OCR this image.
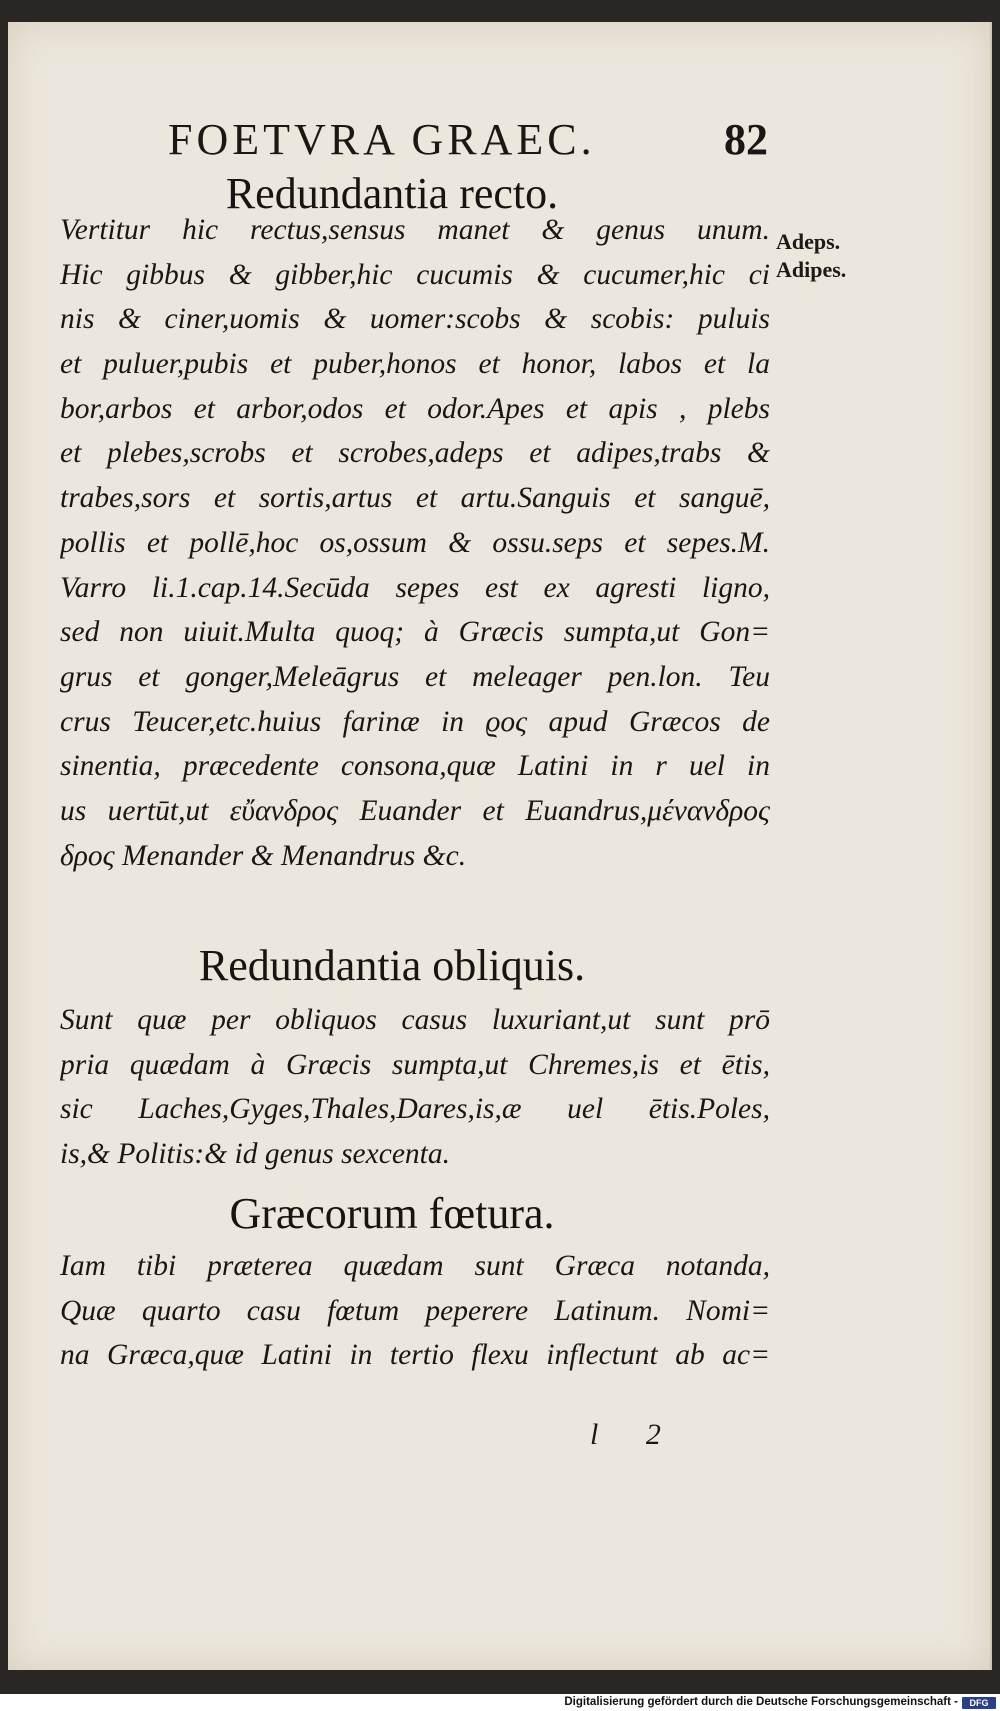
FOETVRA GRAEC.	82
Redundantia recto.
Vertitur hic rectus,sensus manet & genus unum.
Hic gibbus & gibber,hic cucumis & cucumer,hic ci
nis & ciner,uomis & uomer:scobs & scobis: puluis
et puluer,pubis et puber,honos et honor, labos et la
bor,arbos et arbor,odos et odor.Apes et apis , plebs
et plebes,scrobs et scrobes,adeps et adipes,trabs &
trabes,sors et sortis,artus et artu.Sanguis et sanguē,
pollis et pollē,hoc os,ossum & ossu.seps et sepes.M.
Varro li.1.cap.14.Secūda sepes est ex agresti ligno,
sed non uiuit.Multa quoq; à Græcis sumpta,ut Gon=
grus et gonger,Meleāgrus et meleager pen.lon. Teu
crus Teucer,etc.huius farinæ in ϱος apud Græcos de
sinentia, præcedente consona,quæ Latini in r uel in
us uertūt,ut εὔανδρος Euander et Euandrus,μένανδρος
δρος Menander & Menandrus &c.
Adeps.
Adipes.
Redundantia obliquis.
Sunt quæ per obliquos casus luxuriant,ut sunt prō
pria quædam à Græcis sumpta,ut Chremes,is et ētis,
sic Laches,Gyges,Thales,Dares,is,æ uel ētis.Poles,
is,& Politis:& id genus sexcenta.
Græcorum fœtura.
Iam tibi præterea quædam sunt Græca notanda,
Quæ quarto casu fœtum peperere Latinum. Nomi=
na Græca,quæ Latini in tertio flexu inflectunt ab ac=
l 2
Digitalisierung gefördert durch die Deutsche Forschungsgemeinschaft -	DFG
